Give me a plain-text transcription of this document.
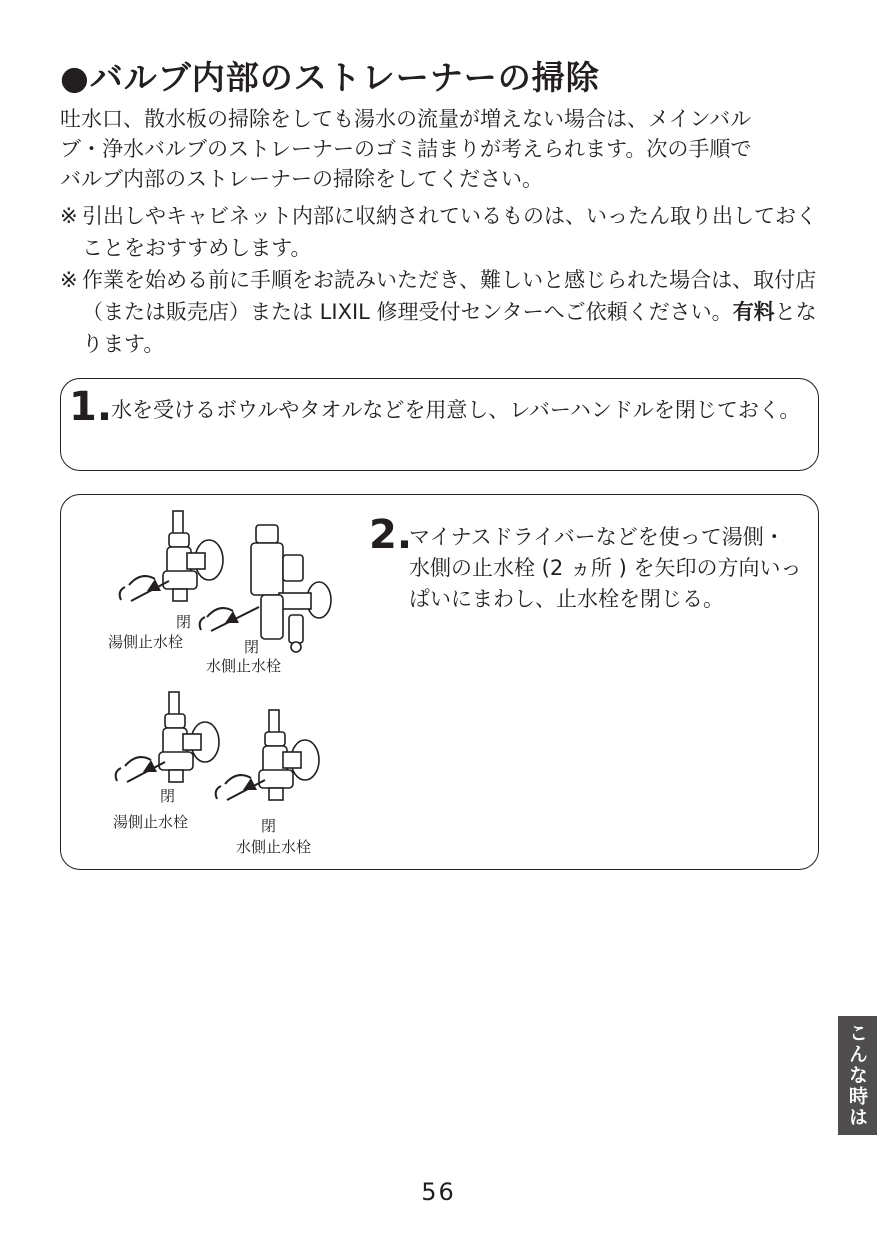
●バルブ内部のストレーナーの掃除

吐水口、散水板の掃除をしても湯水の流量が増えない場合は、メインバル

ブ・浄水バルブのストレーナーのゴミ詰まりが考えられます。次の手順で

バルブ内部のストレーナーの掃除をしてください。

※ 引出しやキャビネット内部に収納されているものは、いったん取り出しておくことをおすすめします。
※ 作業を始める前に手順をお読みいただき、難しいと感じられた場合は、取付店（または販売店）または LIXIL 修理受付センターへご依頼ください。有料となります。
1.
水を受けるボウルやタオルなどを用意し、レバーハンドルを閉じておく。
2.
マイナスドライバーなどを使って湯側・水側の止水栓 (2 ヵ所 ) を矢印の方向いっぱいにまわし、止水栓を閉じる。
閉
湯側止水栓	閉
水側止水栓
閉
湯側止水栓	閉
水側止水栓
こんな時は
56
